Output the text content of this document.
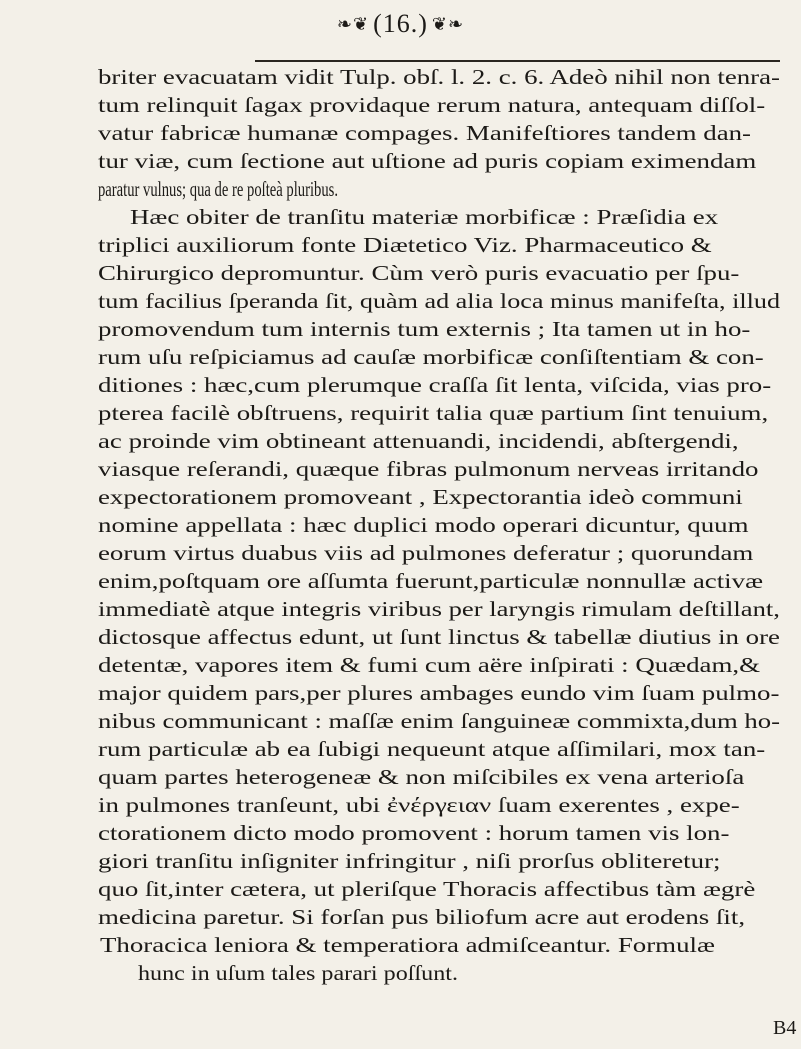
❧❦ (16.) ❦❧
briter evacuatam vidit Tulp. obſ. l. 2. c. 6. Adeò nihil non tenra-
tum relinquit ſagax providaque rerum natura, antequam diſſol-
vatur fabricæ humanæ compages. Manifeſtiores tandem dan-
tur viæ, cum ſectione aut uſtione ad puris copiam eximendam
paratur vulnus; qua de re poſteà pluribus.
Hæc obiter de tranſitu materiæ morbificæ : Præſidia ex
triplici auxiliorum fonte Diætetico Viz. Pharmaceutico &
Chirurgico depromuntur. Cùm verò puris evacuatio per ſpu-
tum facilius ſperanda ſit, quàm ad alia loca minus manifeſta, illud
promovendum tum internis tum externis ; Ita tamen ut in ho-
rum uſu reſpiciamus ad cauſæ morbificæ conſiſtentiam & con-
ditiones : hæc,cum plerumque craſſa ſit lenta, viſcida, vias pro-
pterea facilè obſtruens, requirit talia quæ partium ſint tenuium,
ac proinde vim obtineant attenuandi, incidendi, abſtergendi,
viasque reſerandi, quæque fibras pulmonum nerveas irritando
expectorationem promoveant , Expectorantia ideò communi
nomine appellata : hæc duplici modo operari dicuntur, quum
eorum virtus duabus viis ad pulmones deferatur ; quorundam
enim,poſtquam ore aſſumta fuerunt,particulæ nonnullæ activæ
immediatè atque integris viribus per laryngis rimulam deſtillant,
dictosque affectus edunt, ut ſunt linctus & tabellæ diutius in ore
detentæ, vapores item & fumi cum aëre inſpirati : Quædam,&
major quidem pars,per plures ambages eundo vim ſuam pulmo-
nibus communicant : maſſæ enim ſanguineæ commixta,dum ho-
rum particulæ ab ea ſubigi nequeunt atque aſſimilari, mox tan-
quam partes heterogeneæ & non miſcibiles ex vena arterioſa
in pulmones tranſeunt, ubi ἐνέργειαν ſuam exerentes , expe-
ctorationem dicto modo promovent : horum tamen vis lon-
giori tranſitu inſigniter infringitur , niſi prorſus obliteretur;
quo ſit,inter cætera, ut pleriſque Thoracis affectibus tàm ægrè
medicina paretur. Si forſan pus biliofum acre aut erodens ſit,
Thoracica leniora & temperatiora admiſceantur. Formulæ
hunc in uſum tales parari poſſunt.
B4
